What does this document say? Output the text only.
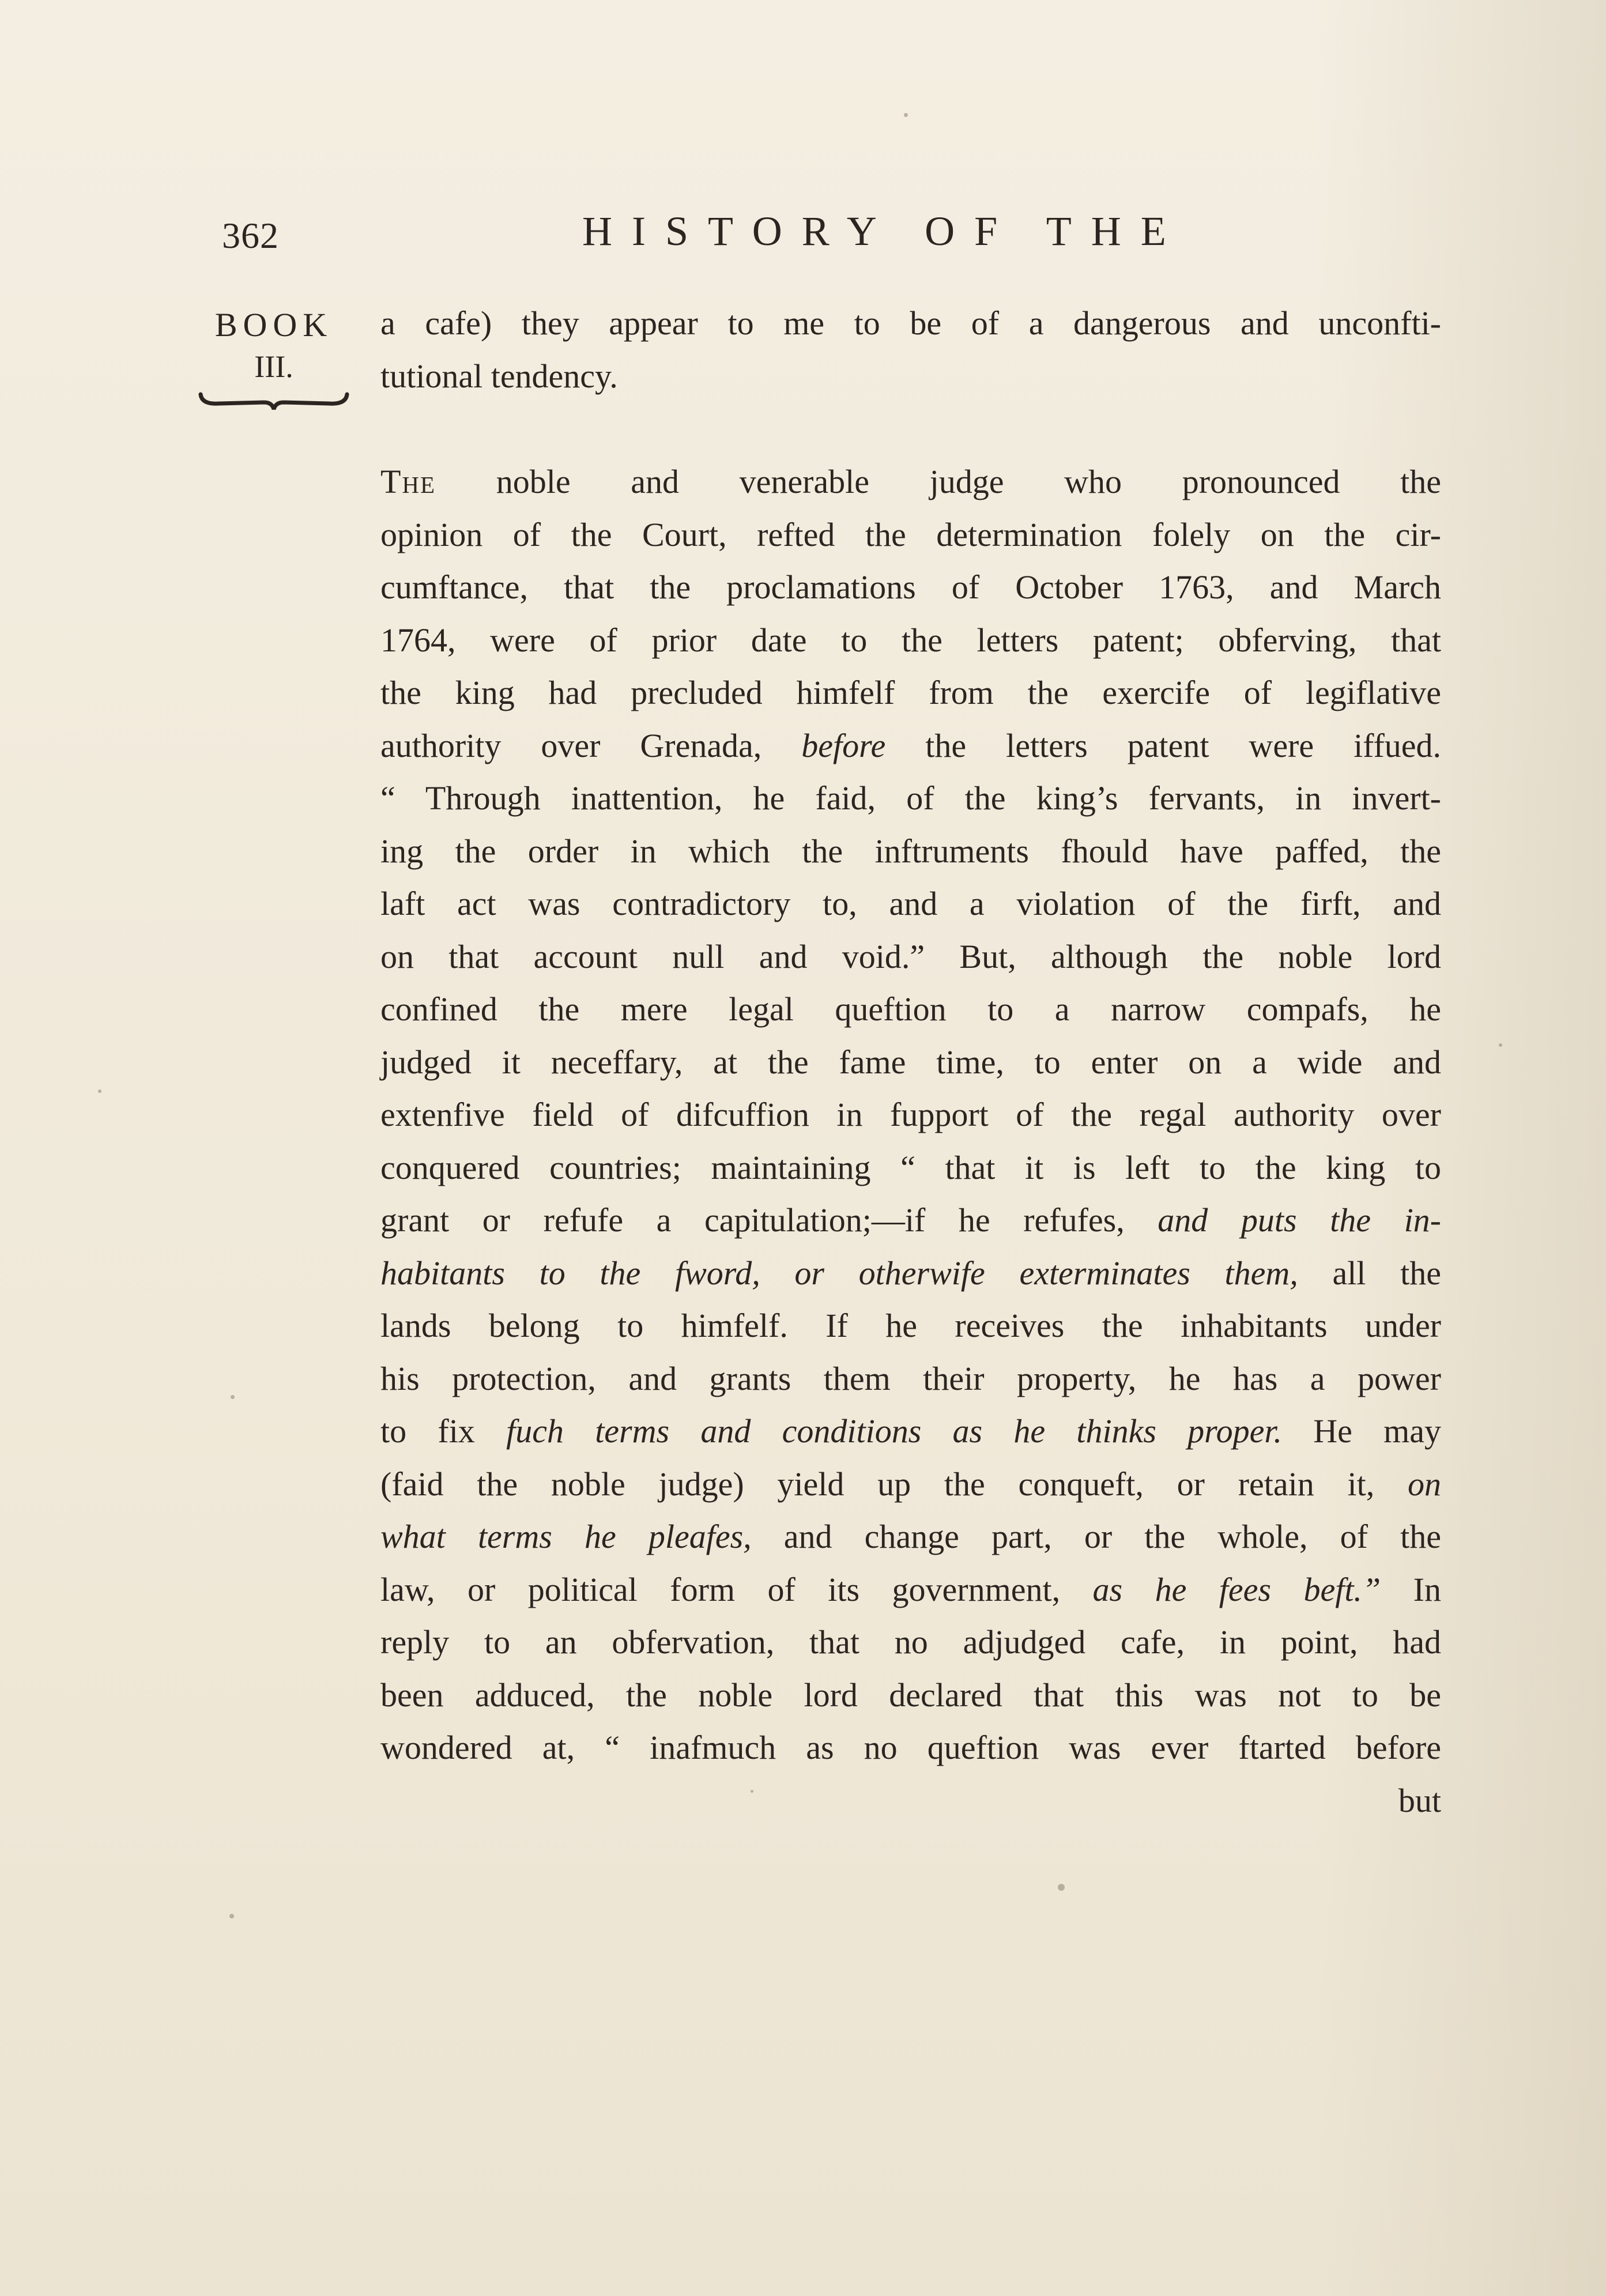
362	HISTORY OF THE
BOOK
III.
a cafe) they appear to me to be of a dangerous and unconfti-
tutional tendency.
The noble and venerable judge who pronounced the
opinion of the Court, refted the determination folely on the cir-
cumftance, that the proclamations of October 1763, and March
1764, were of prior date to the letters patent; obferving, that
the king had precluded himfelf from the exercife of legiflative
authority over Grenada, before the letters patent were iffued.
“ Through inattention, he faid, of the king’s fervants, in invert-
ing the order in which the inftruments fhould have paffed, the
laft act was contradictory to, and a violation of the firft, and
on that account null and void.” But, although the noble lord
confined the mere legal queftion to a narrow compafs, he
judged it neceffary, at the fame time, to enter on a wide and
extenfive field of difcuffion in fupport of the regal authority over
conquered countries; maintaining “ that it is left to the king to
grant or refufe a capitulation;—if he refufes, and puts the in-
habitants to the fword, or otherwife exterminates them, all the
lands belong to himfelf. If he receives the inhabitants under
his protection, and grants them their property, he has a power
to fix fuch terms and conditions as he thinks proper. He may
(faid the noble judge) yield up the conqueft, or retain it, on
what terms he pleafes, and change part, or the whole, of the
law, or political form of its government, as he fees beft.” In
reply to an obfervation, that no adjudged cafe, in point, had
been adduced, the noble lord declared that this was not to be
wondered at, “ inafmuch as no queftion was ever ftarted before
but
